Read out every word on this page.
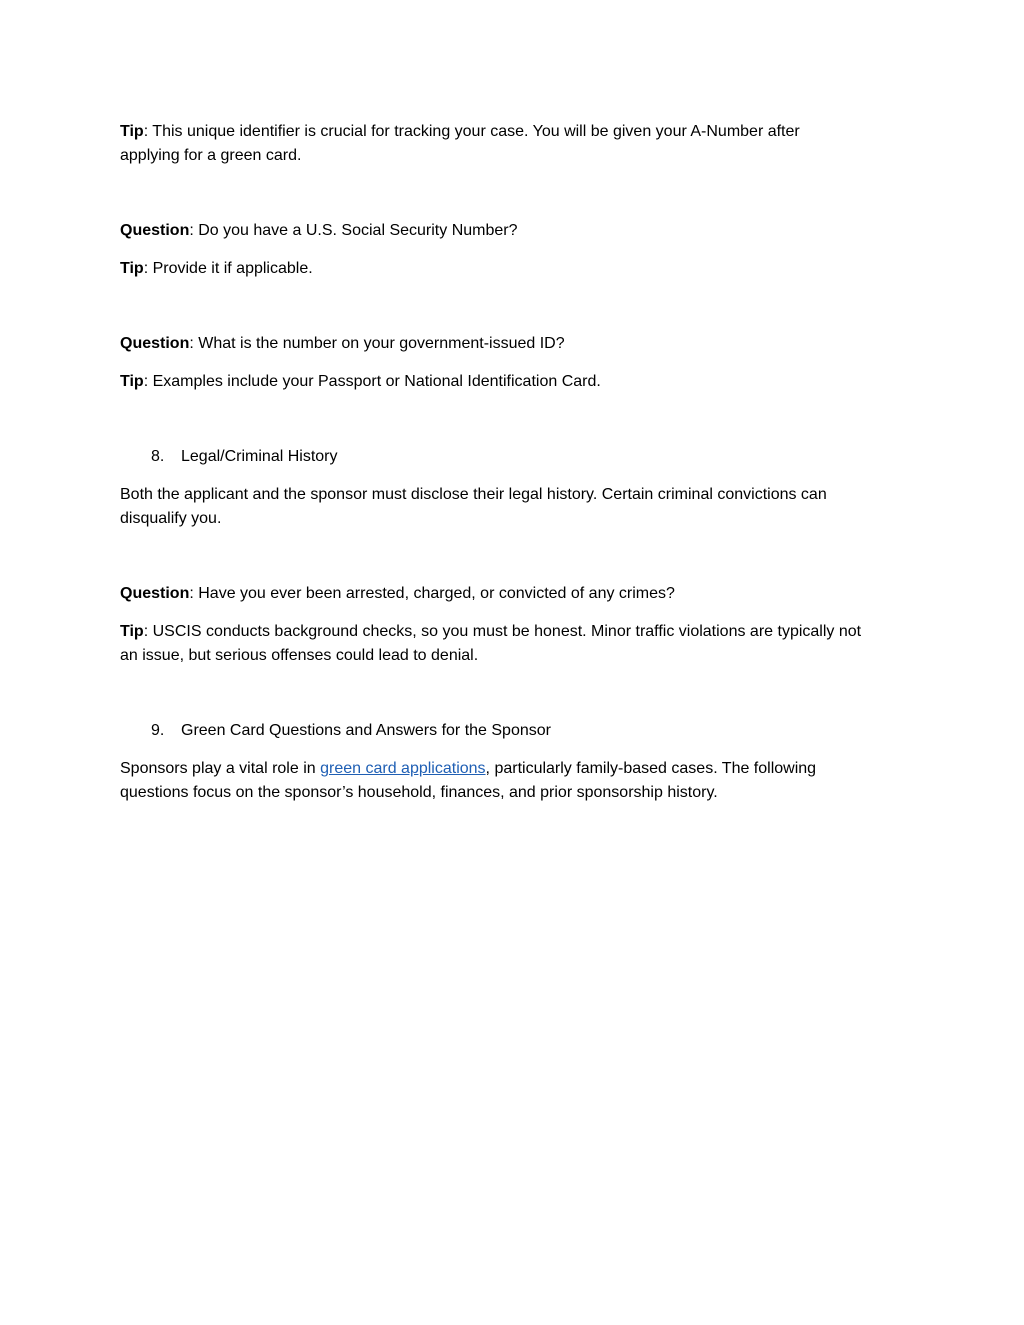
Tip: This unique identifier is crucial for tracking your case. You will be given your A-Number after
applying for a green card.

Question: Do you have a U.S. Social Security Number?

Tip: Provide it if applicable.

Question: What is the number on your government-issued ID?

Tip: Examples include your Passport or National Identification Card.

8. Legal/Criminal History

Both the applicant and the sponsor must disclose their legal history. Certain criminal convictions can
disqualify you.

Question: Have you ever been arrested, charged, or convicted of any crimes?

Tip: USCIS conducts background checks, so you must be honest. Minor traffic violations are typically not
an issue, but serious offenses could lead to denial.

9. Green Card Questions and Answers for the Sponsor

Sponsors play a vital role in green card applications, particularly family-based cases. The following
questions focus on the sponsor’s household, finances, and prior sponsorship history.
